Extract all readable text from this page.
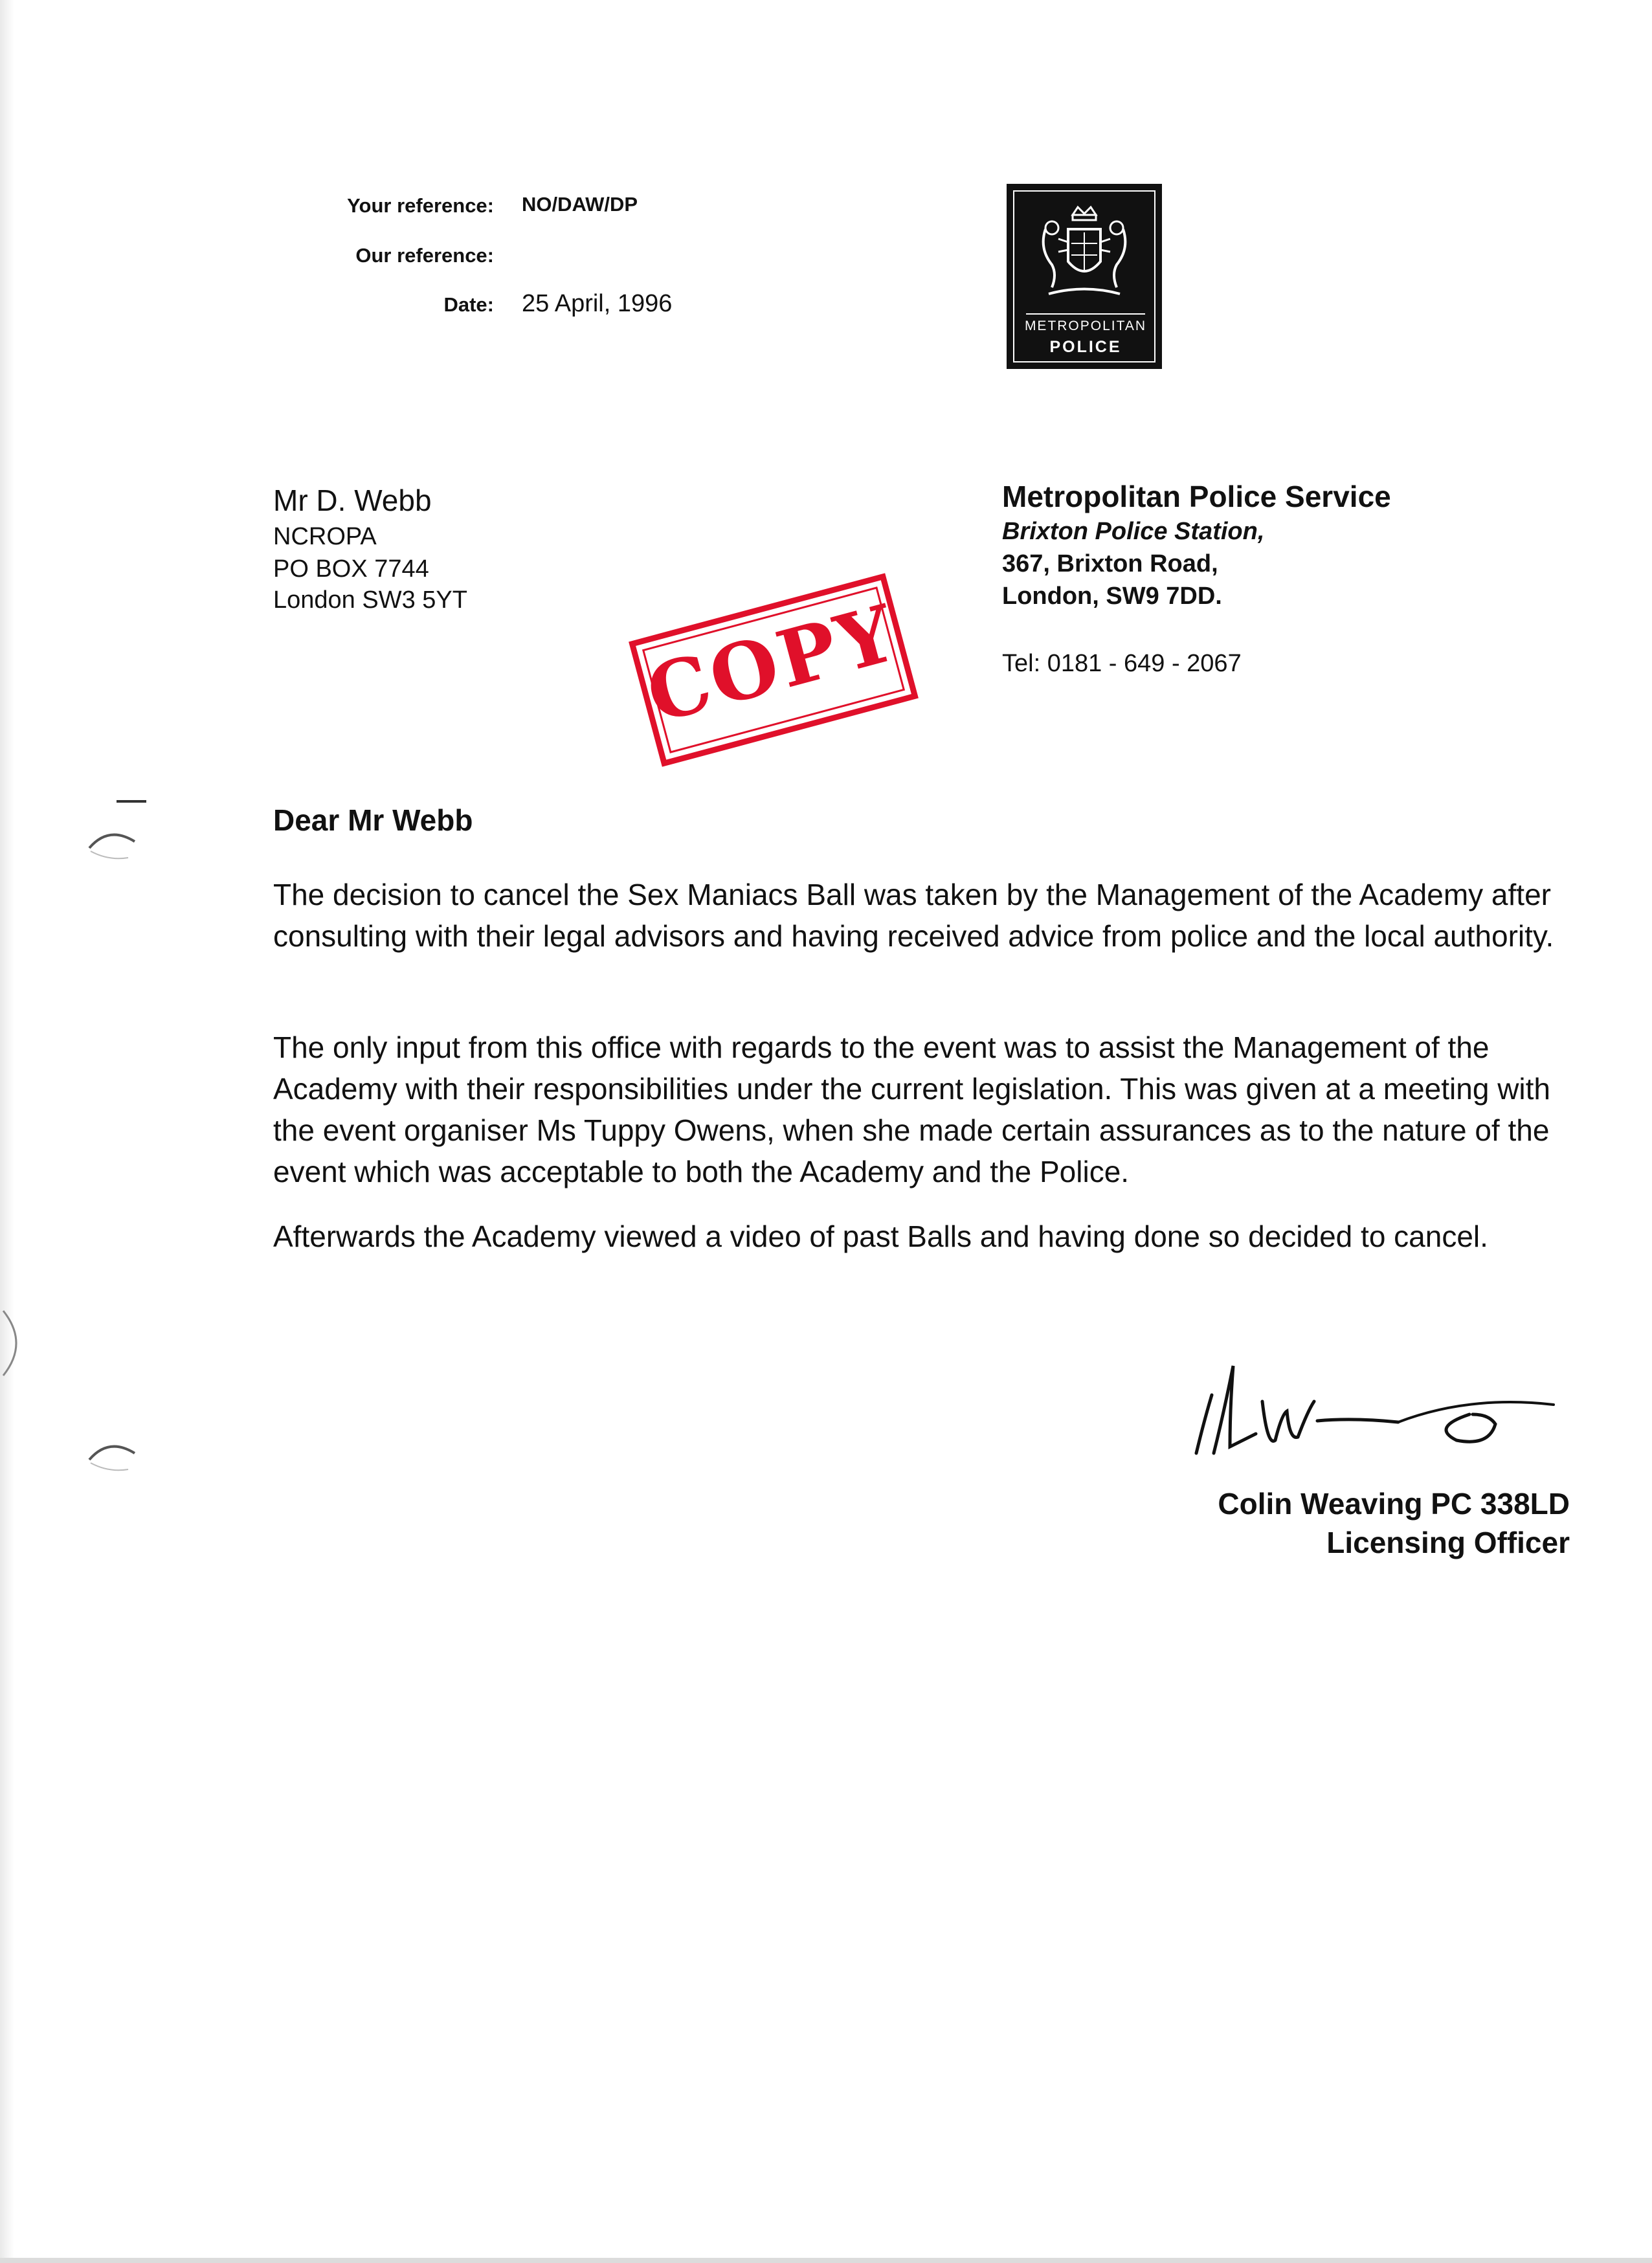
Your reference: NO/DAW/DP
Our reference:
Date: 25 April, 1996
METROPOLITAN
POLICE
Mr D. Webb
NCROPA
PO BOX 7744
London SW3 5YT
Metropolitan Police Service
Brixton Police Station,
367, Brixton Road,
London, SW9 7DD.
Tel: 0181 - 649 - 2067
COPY
Dear Mr Webb

The decision to cancel the Sex Maniacs Ball was taken by the Management of the Academy after consulting with their legal advisors and having received advice from police and the local authority.

The only input from this office with regards to the event was to assist the Management of the Academy with their responsibilities under the current legislation. This was given at a meeting with the event organiser Ms Tuppy Owens, when she made certain assurances as to the nature of the event which was acceptable to both the Academy and the Police.

Afterwards the Academy viewed a video of past Balls and having done so decided to cancel.

Colin Weaving PC 338LD
Licensing Officer
